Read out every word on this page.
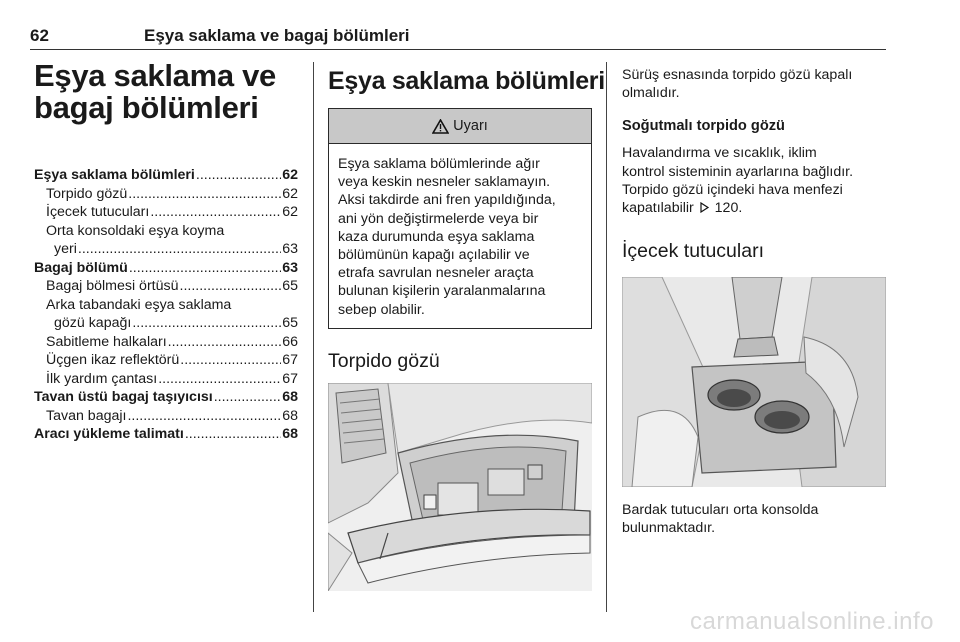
62	Eşya saklama ve bagaj bölümleri
Eşya saklama ve
bagaj bölümleri
Eşya saklama bölümleri .....	62
Torpido gözü .....	62
İçecek tutucuları .....	62
Orta konsoldaki eşya koyma
yeri .....	63
Bagaj bölümü .....	63
Bagaj bölmesi örtüsü .....	65
Arka tabandaki eşya saklama
gözü kapağı .....	65
Sabitleme halkaları .....	66
Üçgen ikaz reflektörü .....	67
İlk yardım çantası .....	67
Tavan üstü bagaj taşıyıcısı .....	68
Tavan bagajı .....	68
Aracı yükleme talimatı .....	68
Eşya saklama bölümleri
Uyarı
Eşya saklama bölümlerinde ağır
veya keskin nesneler saklamayın.
Aksi takdirde ani fren yapıldığında,
ani yön değiştirmelerde veya bir
kaza durumunda eşya saklama
bölümünün kapağı açılabilir ve
etrafa savrulan nesneler araçta
bulunan kişilerin yaralanmalarına
sebep olabilir.
Torpido gözü
Sürüş esnasında torpido gözü kapalı
olmalıdır.
Soğutmalı torpido gözü
Havalandırma ve sıcaklık, iklim
kontrol sisteminin ayarlarına bağlıdır.
Torpido gözü içindeki hava menfezi
kapatılabilir 120.
İçecek tutucuları
Bardak tutucuları orta konsolda
bulunmaktadır.
carmanualsonline.info
